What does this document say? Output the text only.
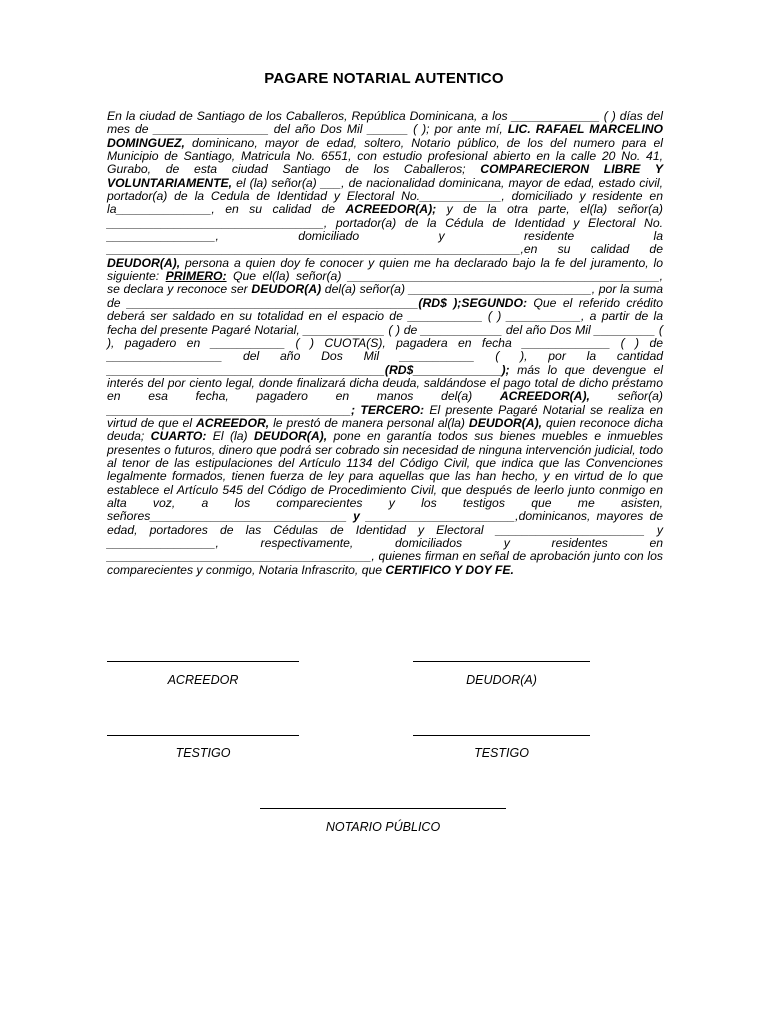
PAGARE NOTARIAL AUTENTICO
En la ciudad de Santiago de los Caballeros, República Dominicana, a los _____________ ( ) días del mes de _________________ del año Dos Mil ______ ( ); por ante mí, LIC. RAFAEL MARCELINO DOMINGUEZ, dominicano, mayor de edad, soltero, Notario público, de los del numero para el Municipio de Santiago, Matricula No. 6551, con estudio profesional abierto en la calle 20 No. 41, Gurabo, de esta ciudad Santiago de los Caballeros; COMPARECIERON LIBRE Y VOLUNTARIAMENTE, el (la) señor(a) ___, de nacionalidad dominicana, mayor de edad, estado civil, portador(a) de la Cedula de Identidad y Electoral No.____________, domiciliado y residente en la______________, en su calidad de ACREEDOR(A); y de la otra parte, el(la) señor(a) ________________________________, portador(a) de la Cédula de Identidad y Electoral No. ________________, domiciliado y residente la _____________________________________________________________,en su calidad de DEUDOR(A), persona a quien doy fe conocer y quien me ha declarado bajo la fe del juramento, lo siguiente: PRIMERO: Que el(la) señor(a) ______________________________________________, se declara y reconoce ser DEUDOR(A) del(a) señor(a) ___________________________, por la suma de ___________________________________________(RD$ );SEGUNDO: Que el referido crédito deberá ser saldado en su totalidad en el espacio de ___________ ( ) ___________, a partir de la fecha del presente Pagaré Notarial, ____________ ( ) de ____________ del año Dos Mil _________ ( ), pagadero en ___________ ( ) CUOTA(S), pagadera en fecha _____________ ( ) de _________________ del año Dos Mil ___________ ( ), por la cantidad _________________________________________(RD$_____________); más lo que devengue el interés del por ciento legal, donde finalizará dicha deuda, saldándose el pago total de dicho préstamo en esa fecha, pagadero en manos del(a) ACREEDOR(A), señor(a) ____________________________________; TERCERO: El presente Pagaré Notarial se realiza en virtud de que el ACREEDOR, le prestó de manera personal al(la) DEUDOR(A), quien reconoce dicha deuda; CUARTO: El (la) DEUDOR(A), pone en garantía todos sus bienes muebles e inmuebles presentes o futuros, dinero que podrá ser cobrado sin necesidad de ninguna intervención judicial, todo al tenor de las estipulaciones del Artículo 1134 del Código Civil, que indica que las Convenciones legalmente formados, tienen fuerza de ley para aquellas que las han hecho, y en virtud de lo que establece el Artículo 545 del Código de Procedimiento Civil, que después de leerlo junto conmigo en alta voz, a los comparecientes y los testigos que me asisten, señores_____________________________ y ______________________,dominicanos, mayores de edad, portadores de las Cédulas de Identidad y Electoral ______________________ y ________________, respectivamente, domiciliados y residentes en _______________________________________, quienes firman en señal de aprobación junto con los comparecientes y conmigo, Notaria Infrascrito, que CERTIFICO Y DOY FE.
ACREEDOR	DEUDOR(A)
TESTIGO	TESTIGO
NOTARIO PÚBLICO
